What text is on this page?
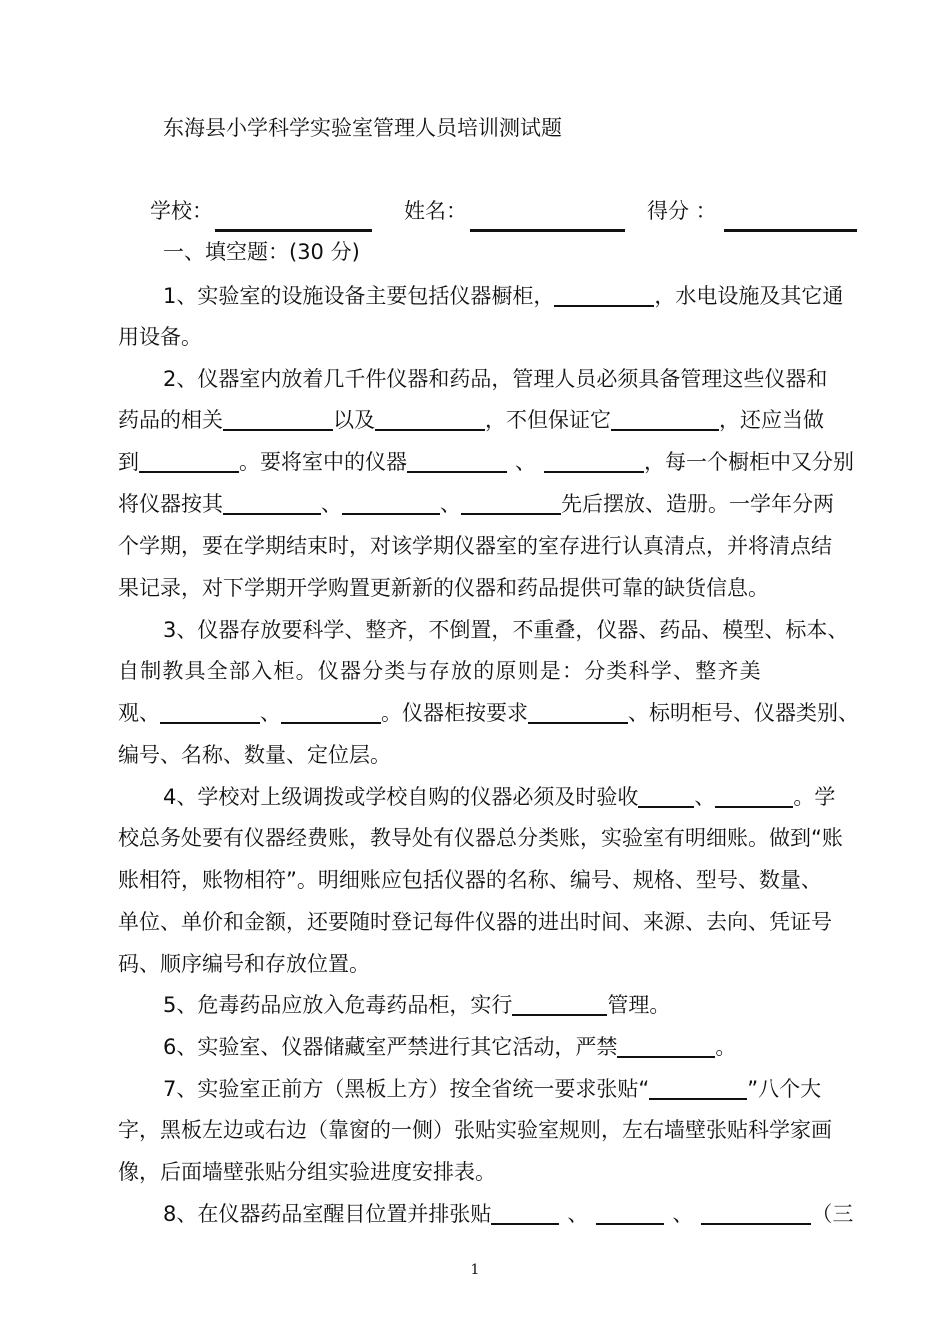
东海县小学科学实验室管理人员培训测试题
学校：	姓名：	得分 ：
一、填空题：(30 分)
1、实验室的设施设备主要包括仪器橱柜，	，水电设施及其它通
用设备。
2、仪器室内放着几千件仪器和药品，管理人员必须具备管理这些仪器和
药品的相关	以及	，不但保证它	，还应当做
到	。要将室中的仪器	、	，每一个橱柜中又分别
将仪器按其	、	、	先后摆放、造册。一学年分两
个学期，要在学期结束时，对该学期仪器室的室存进行认真清点，并将清点结
果记录，对下学期开学购置更新新的仪器和药品提供可靠的缺货信息。
3、仪器存放要科学、整齐，不倒置，不重叠，仪器、药品、模型、标本、
自制教具全部入柜。仪器分类与存放的原则是：分类科学、整齐美
观、	、	。仪器柜按要求	、标明柜号、仪器类别、
编号、名称、数量、定位层。
4、学校对上级调拨或学校自购的仪器必须及时验收	、	。学
校总务处要有仪器经费账，教导处有仪器总分类账，实验室有明细账。做到“账
账相符，账物相符”。明细账应包括仪器的名称、编号、规格、型号、数量、
单位、单价和金额，还要随时登记每件仪器的进出时间、来源、去向、凭证号
码、顺序编号和存放位置。
5、危毒药品应放入危毒药品柜，实行	管理。
6、实验室、仪器储藏室严禁进行其它活动，严禁	。
7、实验室正前方（黑板上方）按全省统一要求张贴“	”八个大
字，黑板左边或右边（靠窗的一侧）张贴实验室规则，左右墙壁张贴科学家画
像，后面墙壁张贴分组实验进度安排表。
8、在仪器药品室醒目位置并排张贴	、	、	（三
1
